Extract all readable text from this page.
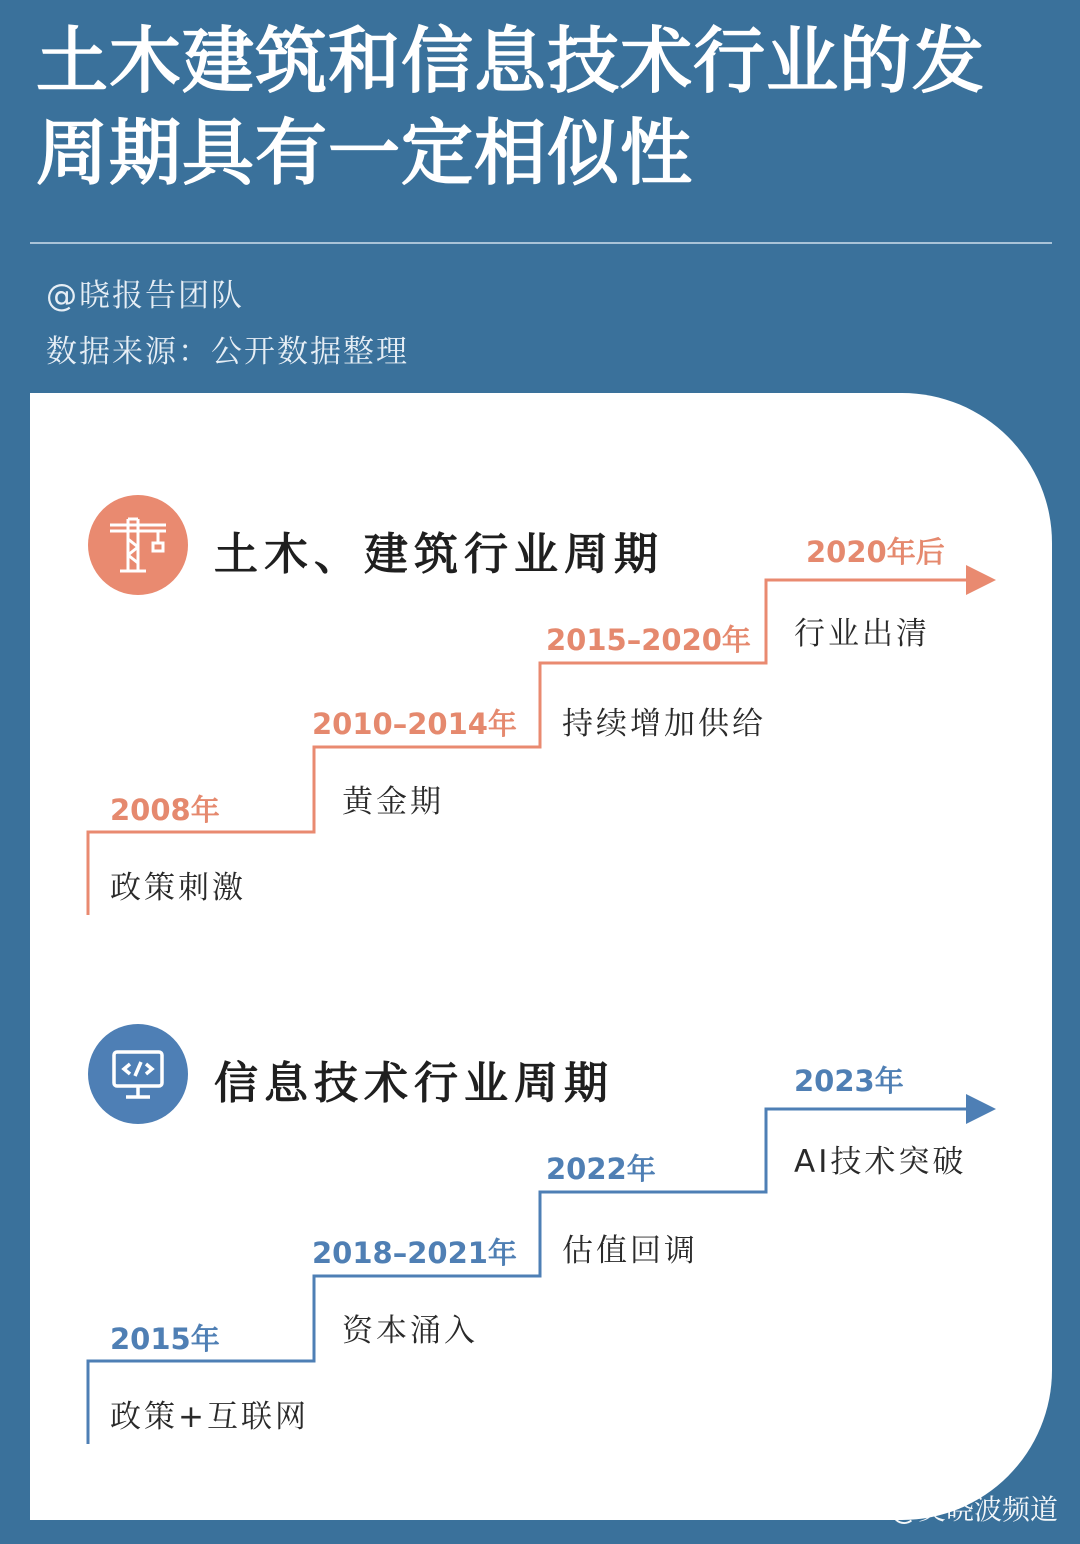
土木建筑和信息技术行业的发
周期具有一定相似性
@晓报告团队
数据来源：公开数据整理
土木、建筑行业周期
2008年
政策刺激
2010–2014年
黄金期
2015–2020年
持续增加供给
2020年后
行业出清
信息技术行业周期
2015年
政策+互联网
2018–2021年
资本涌入
2022年
估值回调
2023年
AI技术突破
@吴晓波频道
